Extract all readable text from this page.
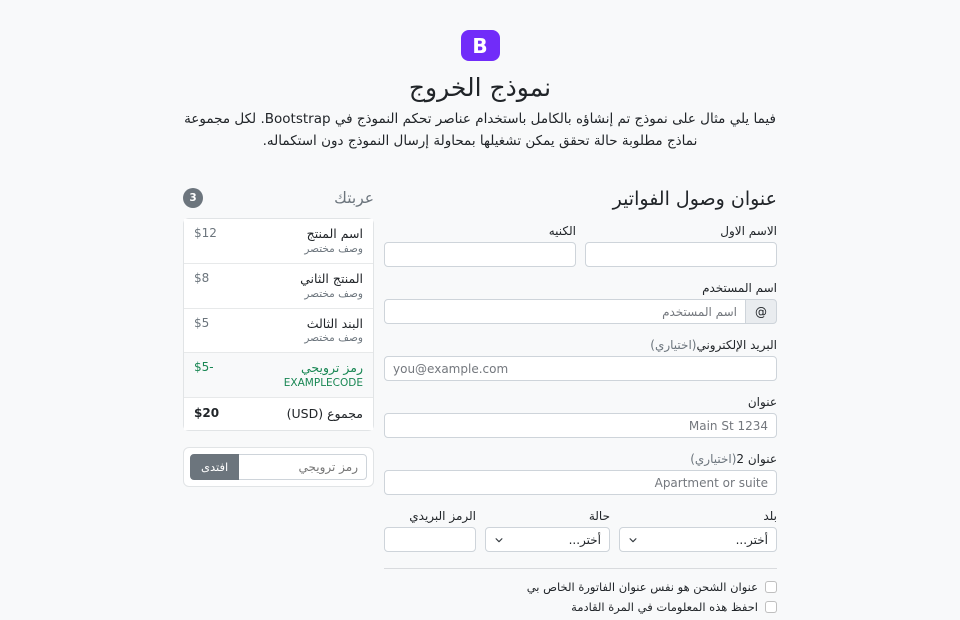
B
نموذج الخروج

فيما يلي مثال على نموذج تم إنشاؤه بالكامل باستخدام عناصر تحكم النموذج في Bootstrap. لكل مجموعة نماذج مطلوبة حالة تحقق يمكن تشغيلها بمحاولة إرسال النموذج دون استكماله.

عنوان وصول الفواتير
الاسم الاول
الكنيه
اسم المستخدم
@
اسم المستخدم
البريد الإلكتروني(اختياري)
you@example.com
عنوان
Main St 1234
عنوان 2(اختياري)
Apartment or suite
بلد
أختر...
حالة
أختر...
الرمز البريدي
عنوان الشحن هو نفس عنوان الفاتورة الخاص بي
احفظ هذه المعلومات في المرة القادمة
عربتك
3
اسم المنتج
وصف مختصر
$12
المنتج الثاني
وصف مختصر
$8
البند الثالث
وصف مختصر
$5
رمز ترويجي
EXAMPLECODE
-$5
مجموع (USD)
$20
رمز ترويجي
افتدى
